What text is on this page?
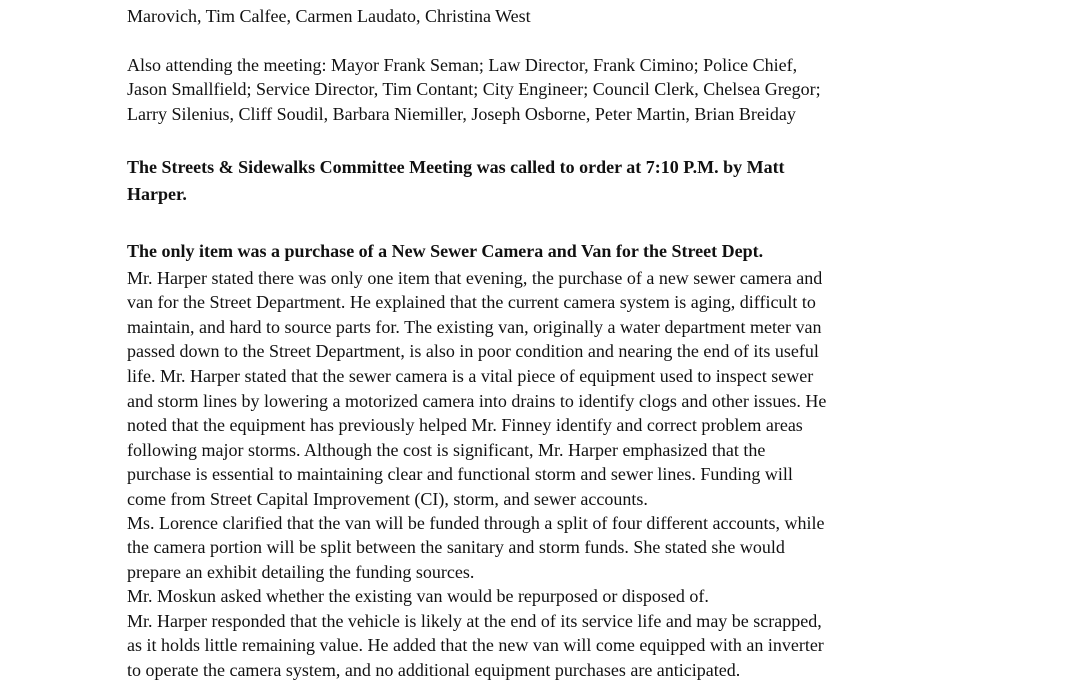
Marovich, Tim Calfee, Carmen Laudato, Christina West
Also attending the meeting: Mayor Frank Seman; Law Director, Frank Cimino; Police Chief,
Jason Smallfield; Service Director, Tim Contant; City Engineer; Council Clerk, Chelsea Gregor;
Larry Silenius, Cliff Soudil, Barbara Niemiller, Joseph Osborne, Peter Martin, Brian Breiday
The Streets & Sidewalks Committee Meeting was called to order at 7:10 P.M. by Matt
Harper.
The only item was a purchase of a New Sewer Camera and Van for the Street Dept.
Mr. Harper stated there was only one item that evening, the purchase of a new sewer camera and
van for the Street Department. He explained that the current camera system is aging, difficult to
maintain, and hard to source parts for. The existing van, originally a water department meter van
passed down to the Street Department, is also in poor condition and nearing the end of its useful
life. Mr. Harper stated that the sewer camera is a vital piece of equipment used to inspect sewer
and storm lines by lowering a motorized camera into drains to identify clogs and other issues. He
noted that the equipment has previously helped Mr. Finney identify and correct problem areas
following major storms. Although the cost is significant, Mr. Harper emphasized that the
purchase is essential to maintaining clear and functional storm and sewer lines. Funding will
come from Street Capital Improvement (CI), storm, and sewer accounts.
Ms. Lorence clarified that the van will be funded through a split of four different accounts, while
the camera portion will be split between the sanitary and storm funds. She stated she would
prepare an exhibit detailing the funding sources.
Mr. Moskun asked whether the existing van would be repurposed or disposed of.
Mr. Harper responded that the vehicle is likely at the end of its service life and may be scrapped,
as it holds little remaining value. He added that the new van will come equipped with an inverter
to operate the camera system, and no additional equipment purchases are anticipated.
